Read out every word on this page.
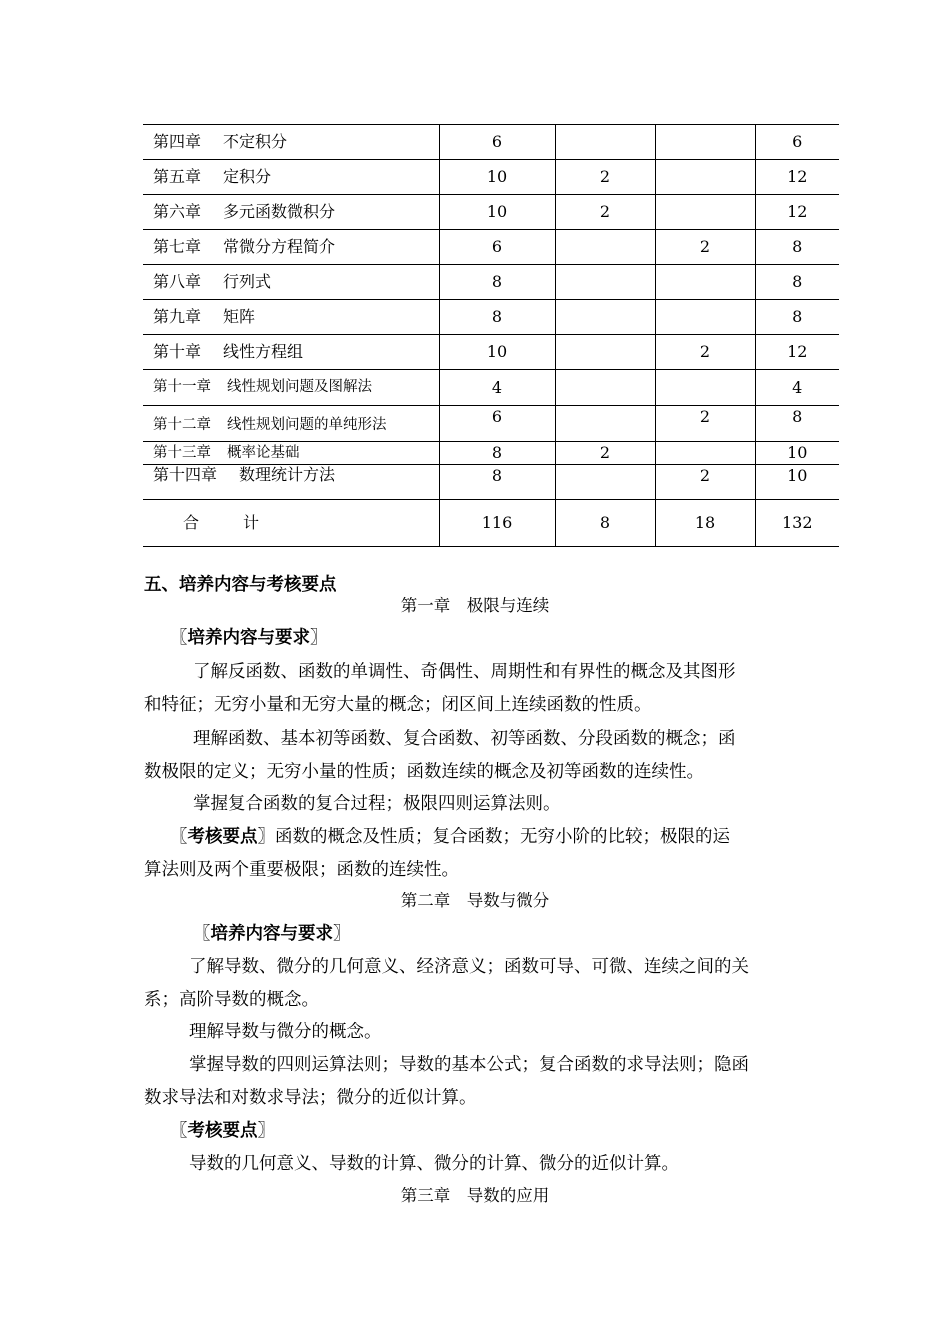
第四章 不定积分	6			6
第五章 定积分	10	2		12
第六章 多元函数微积分	10	2		12
第七章 常微分方程简介	6		2	8
第八章 行列式	8			8
第九章 矩阵	8			8
第十章 线性方程组	10		2	12
第十一章 线性规划问题及图解法	4			4
第十二章 线性规划问题的单纯形法	6		2	8
第十三章 概率论基础	8	2		10
第十四章 数理统计方法	8		2	10
合 计	116	8	18	132
五、培养内容与考核要点
第一章　极限与连续
〖培养内容与要求〗
了解反函数、函数的单调性、奇偶性、周期性和有界性的概念及其图形
和特征；无穷小量和无穷大量的概念；闭区间上连续函数的性质。
理解函数、基本初等函数、复合函数、初等函数、分段函数的概念；函
数极限的定义；无穷小量的性质；函数连续的概念及初等函数的连续性。
掌握复合函数的复合过程；极限四则运算法则。
〖考核要点〗函数的概念及性质；复合函数；无穷小阶的比较；极限的运
算法则及两个重要极限；函数的连续性。
第二章　导数与微分
〖培养内容与要求〗
了解导数、微分的几何意义、经济意义；函数可导、可微、连续之间的关
系；高阶导数的概念。
理解导数与微分的概念。
掌握导数的四则运算法则；导数的基本公式；复合函数的求导法则；隐函
数求导法和对数求导法；微分的近似计算。
〖考核要点〗
导数的几何意义、导数的计算、微分的计算、微分的近似计算。
第三章　导数的应用
